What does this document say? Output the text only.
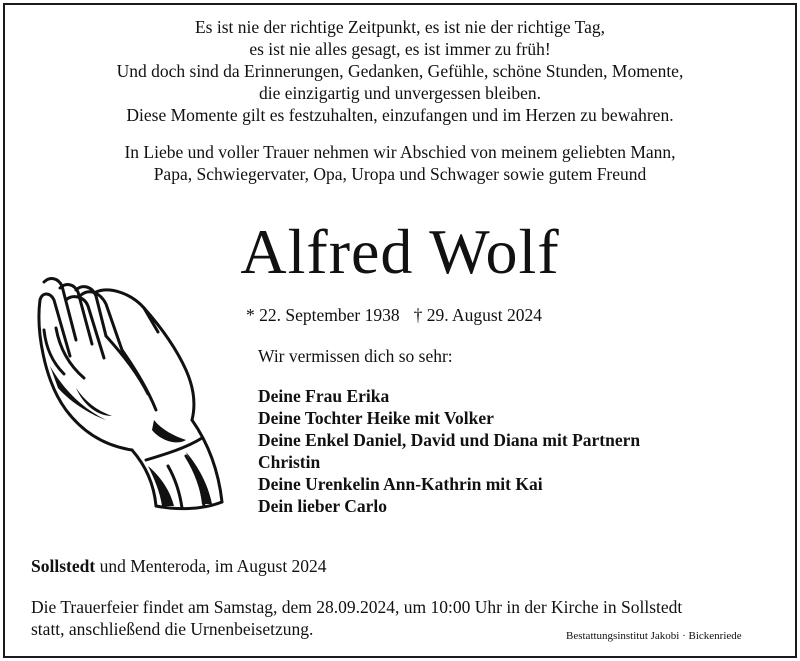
Es ist nie der richtige Zeitpunkt, es ist nie der richtige Tag,
es ist nie alles gesagt, es ist immer zu früh!
Und doch sind da Erinnerungen, Gedanken, Gefühle, schöne Stunden, Momente,
die einzigartig und unvergessen bleiben.
Diese Momente gilt es festzuhalten, einzufangen und im Herzen zu bewahren.
In Liebe und voller Trauer nehmen wir Abschied von meinem geliebten Mann,
Papa, Schwiegervater, Opa, Uropa und Schwager sowie gutem Freund
Alfred Wolf
* 22. September 1938 † 29. August 2024
Wir vermissen dich so sehr:
Deine Frau Erika
Deine Tochter Heike mit Volker
Deine Enkel Daniel, David und Diana mit Partnern
Christin
Deine Urenkelin Ann-Kathrin mit Kai
Dein lieber Carlo
Sollstedt und Menteroda, im August 2024
Die Trauerfeier findet am Samstag, dem 28.09.2024, um 10:00 Uhr in der Kirche in Sollstedt
statt, anschließend die Urnenbeisetzung.	Bestattungsinstitut Jakobi · Bickenriede
